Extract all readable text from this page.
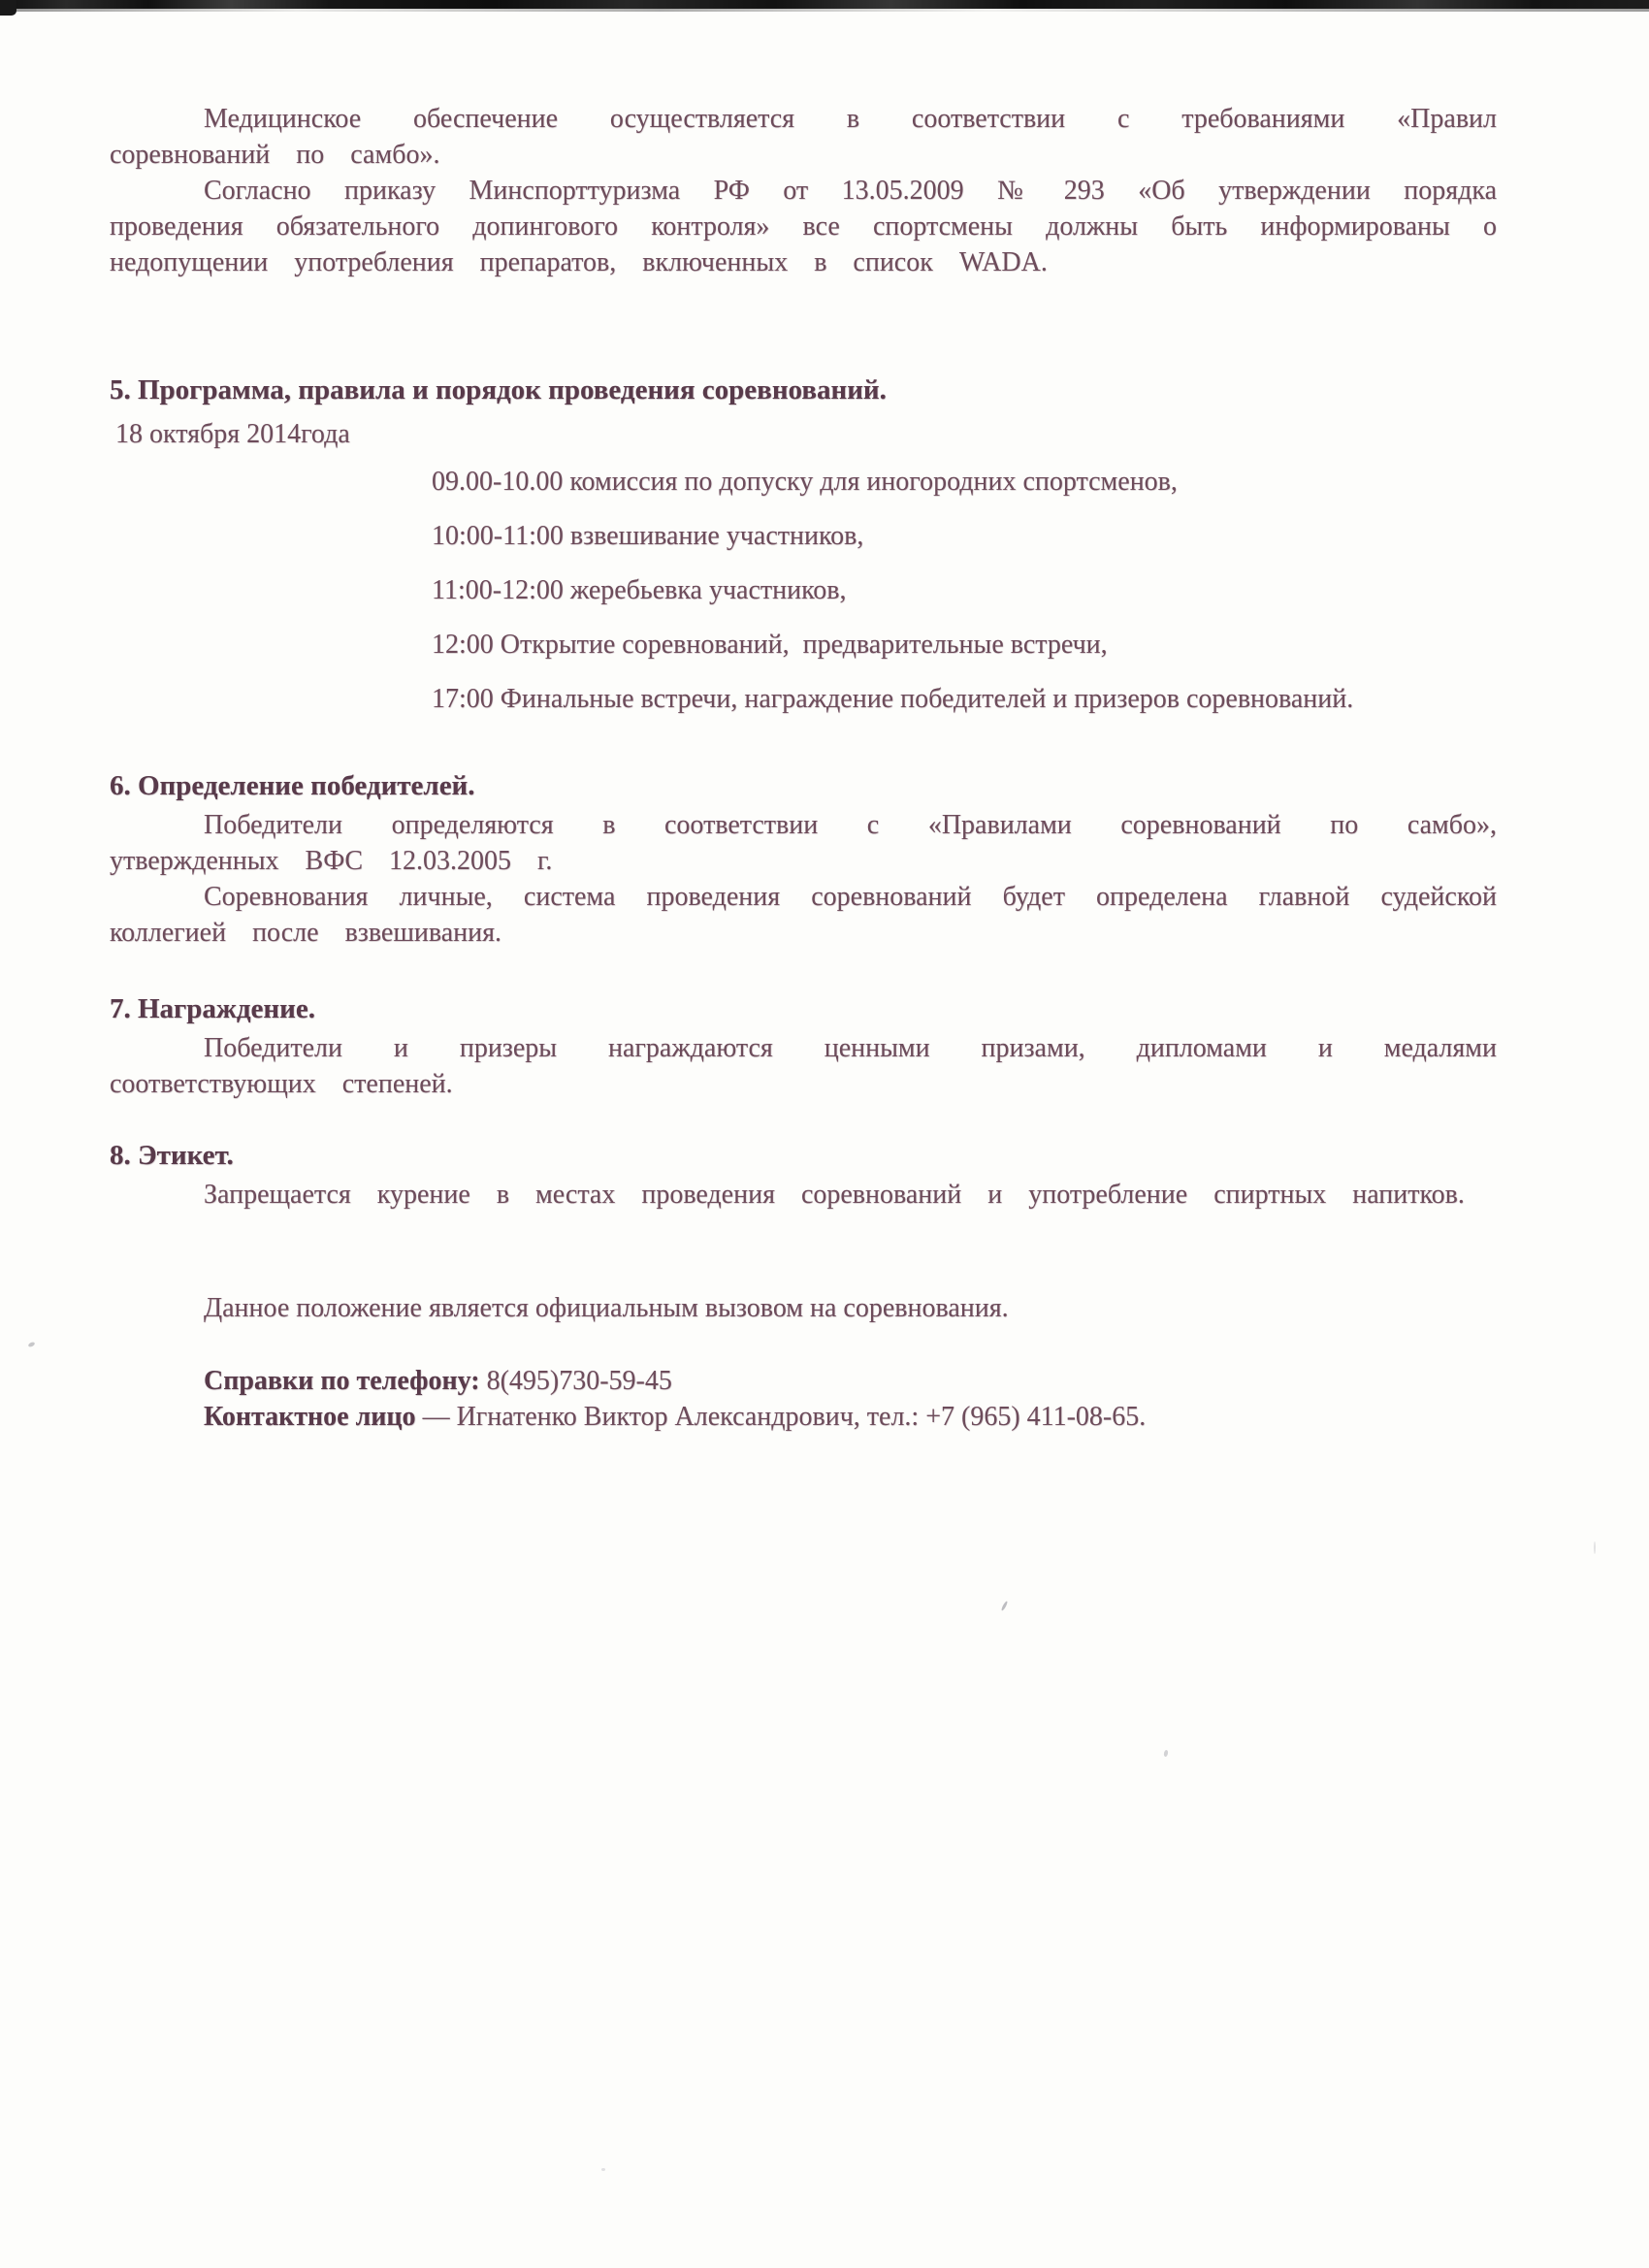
Медицинское обеспечение осуществляется в соответствии с требованиями «Правил соревнований по самбо».

Согласно приказу Минспорттуризма РФ от 13.05.2009 № 293 «Об утверждении порядка проведения обязательного допингового контроля» все спортсмены должны быть информированы о недопущении употребления препаратов, включенных в список WADA.

5. Программа, правила и порядок проведения соревнований.

18 октября 2014года

09.00-10.00 комиссия по допуску для иногородних спортсменов,

10:00-11:00 взвешивание участников,

11:00-12:00 жеребьевка участников,

12:00 Открытие соревнований,  предварительные встречи,

17:00 Финальные встречи, награждение победителей и призеров соревнований.

6. Определение победителей.

Победители определяются в соответствии с «Правилами соревнований по самбо», утвержденных ВФС 12.03.2005 г.

Соревнования личные, система проведения соревнований будет определена главной судейской коллегией после взвешивания.

7. Награждение.

Победители и призеры награждаются ценными призами, дипломами и медалями соответствующих степеней.

8. Этикет.

Запрещается курение в местах проведения соревнований и употребление спиртных напитков.

Данное положение является официальным вызовом на соревнования.

Справки по телефону: 8(495)730-59-45

Контактное лицо — Игнатенко Виктор Александрович, тел.: +7 (965) 411-08-65.
